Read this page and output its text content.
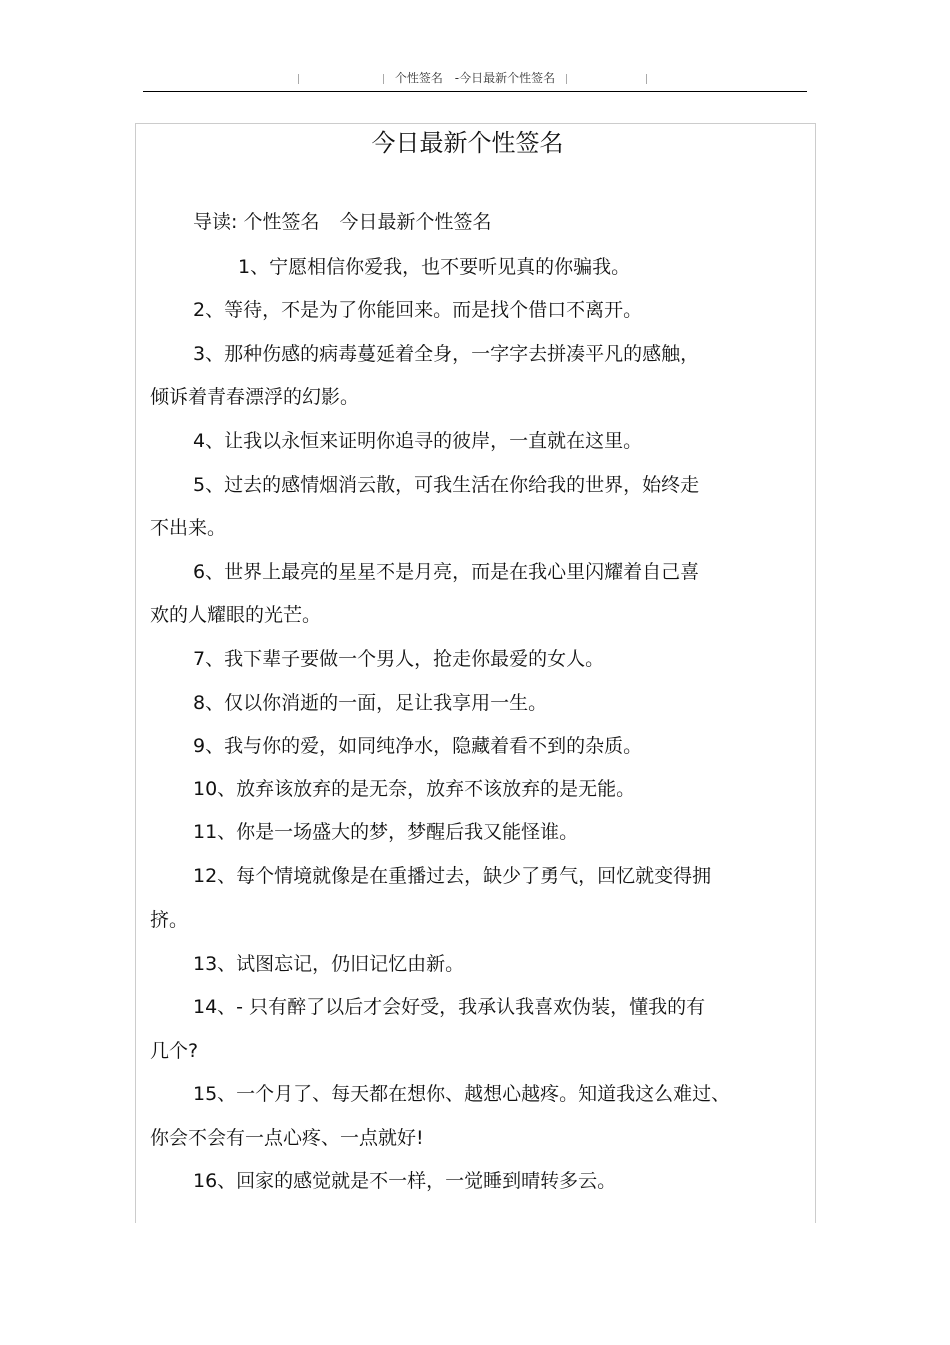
个性签名 -今日最新个性签名
今日最新个性签名
导读: 个性签名 今日最新个性签名
1、宁愿相信你爱我，也不要听见真的你骗我。
2、等待，不是为了你能回来。而是找个借口不离开。
3、那种伤感的病毒蔓延着全身，一字字去拼凑平凡的感触，
倾诉着青春漂浮的幻影。
4、让我以永恒来证明你追寻的彼岸，一直就在这里。
5、过去的感情烟消云散，可我生活在你给我的世界，始终走
不出来。
6、世界上最亮的星星不是月亮，而是在我心里闪耀着自己喜
欢的人耀眼的光芒。
7、我下辈子要做一个男人，抢走你最爱的女人。
8、仅以你消逝的一面，足让我享用一生。
9、我与你的爱，如同纯净水，隐藏着看不到的杂质。
10、放弃该放弃的是无奈，放弃不该放弃的是无能。
11、你是一场盛大的梦，梦醒后我又能怪谁。
12、每个情境就像是在重播过去，缺少了勇气，回忆就变得拥
挤。
13、试图忘记，仍旧记忆由新。
14、- 只有醉了以后才会好受，我承认我喜欢伪装，懂我的有
几个?
15、一个月了、每天都在想你、越想心越疼。知道我这么难过、
你会不会有一点心疼、一点就好!
16、回家的感觉就是不一样，一觉睡到晴转多云。
